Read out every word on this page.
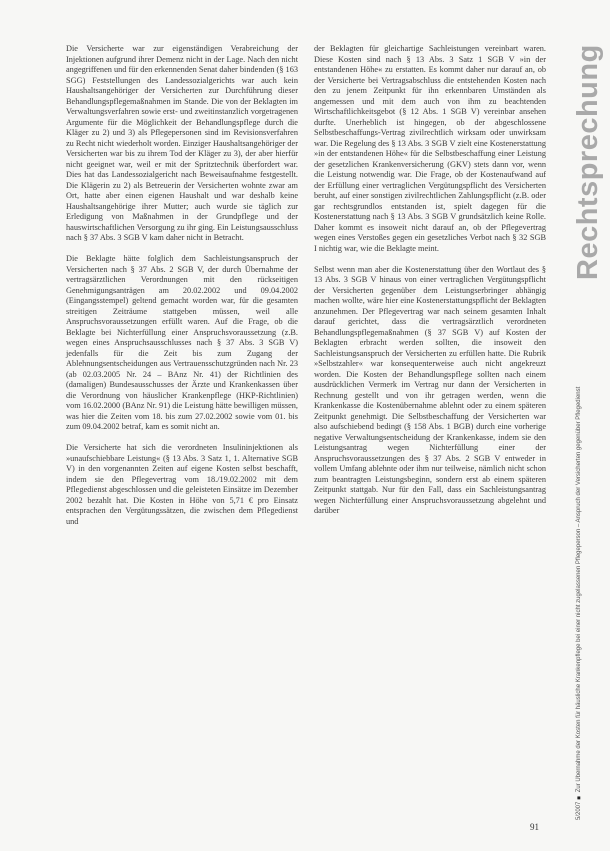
Die Versicherte war zur eigenständigen Verabreichung der Injektionen aufgrund ihrer Demenz nicht in der Lage. Nach den nicht angegriffenen und für den erkennenden Senat daher bindenden (§ 163 SGG) Feststellungen des Landessozialgerichts war auch kein Haushaltsangehöriger der Versicherten zur Durchführung dieser Behandlungspflegemaßnahmen im Stande. Die von der Beklagten im Verwaltungsverfahren sowie erst- und zweitinstanzlich vorgetragenen Argumente für die Möglichkeit der Behandlungspflege durch die Kläger zu 2) und 3) als Pflegepersonen sind im Revisionsverfahren zu Recht nicht wiederholt worden. Einziger Haushaltsangehöriger der Versicherten war bis zu ihrem Tod der Kläger zu 3), der aber hierfür nicht geeignet war, weil er mit der Spritztechnik überfordert war. Dies hat das Landessozialgericht nach Beweisaufnahme festgestellt. Die Klägerin zu 2) als Betreuerin der Versicherten wohnte zwar am Ort, hatte aber einen eigenen Haushalt und war deshalb keine Haushaltsangehörige ihrer Mutter; auch wurde sie täglich zur Erledigung von Maßnahmen in der Grundpflege und der hauswirtschaftlichen Versorgung zu ihr ging. Ein Leistungsausschluss nach § 37 Abs. 3 SGB V kam daher nicht in Betracht.

Die Beklagte hätte folglich dem Sachleistungsanspruch der Versicherten nach § 37 Abs. 2 SGB V, der durch Übernahme der vertragsärztlichen Verordnungen mit den rückseitigen Genehmigungsanträgen am 20.02.2002 und 09.04.2002 (Eingangsstempel) geltend gemacht worden war, für die gesamten streitigen Zeiträume stattgeben müssen, weil alle Anspruchsvoraussetzungen erfüllt waren. Auf die Frage, ob die Beklagte bei Nichterfüllung einer Anspruchsvoraussetzung (z.B. wegen eines Anspruchsausschlusses nach § 37 Abs. 3 SGB V) jedenfalls für die Zeit bis zum Zugang der Ablehnungsentscheidungen aus Vertrauensschutzgründen nach Nr. 23 (ab 02.03.2005 Nr. 24 – BAnz Nr. 41) der Richtlinien des (damaligen) Bundesausschusses der Ärzte und Krankenkassen über die Verordnung von häuslicher Krankenpflege (HKP-Richtlinien) vom 16.02.2000 (BAnz Nr. 91) die Leistung hätte bewilligen müssen, was hier die Zeiten vom 18. bis zum 27.02.2002 sowie vom 01. bis zum 09.04.2002 betraf, kam es somit nicht an.

Die Versicherte hat sich die verordneten Insulininjektionen als »unaufschiebbare Leistung« (§ 13 Abs. 3 Satz 1, 1. Alternative SGB V) in den vorgenannten Zeiten auf eigene Kosten selbst beschafft, indem sie den Pflegevertrag vom 18./19.02.2002 mit dem Pflegedienst abgeschlossen und die geleisteten Einsätze im Dezember 2002 bezahlt hat. Die Kosten in Höhe von 5,71 € pro Einsatz entsprachen den Vergütungssätzen, die zwischen dem Pflegedienst und

der Beklagten für gleichartige Sachleistungen vereinbart waren. Diese Kosten sind nach § 13 Abs. 3 Satz 1 SGB V »in der entstandenen Höhe« zu erstatten. Es kommt daher nur darauf an, ob der Versicherte bei Vertragsabschluss die entstehenden Kosten nach den zu jenem Zeitpunkt für ihn erkennbaren Umständen als angemessen und mit dem auch von ihm zu beachtenden Wirtschaftlichkeitsgebot (§ 12 Abs. 1 SGB V) vereinbar ansehen durfte. Unerheblich ist hingegen, ob der abgeschlossene Selbstbeschaffungs-Vertrag zivilrechtlich wirksam oder unwirksam war. Die Regelung des § 13 Abs. 3 SGB V zielt eine Kostenerstattung »in der entstandenen Höhe« für die Selbstbeschaffung einer Leistung der gesetzlichen Krankenversicherung (GKV) stets dann vor, wenn die Leistung notwendig war. Die Frage, ob der Kostenaufwand auf der Erfüllung einer vertraglichen Vergütungspflicht des Versicherten beruht, auf einer sonstigen zivilrechtlichen Zahlungspflicht (z.B. oder gar rechtsgrundlos entstanden ist, spielt dagegen für die Kostenerstattung nach § 13 Abs. 3 SGB V grundsätzlich keine Rolle. Daher kommt es insoweit nicht darauf an, ob der Pflegevertrag wegen eines Verstoßes gegen ein gesetzliches Verbot nach § 32 SGB I nichtig war, wie die Beklagte meint.

Selbst wenn man aber die Kostenerstattung über den Wortlaut des § 13 Abs. 3 SGB V hinaus von einer vertraglichen Vergütungspflicht der Versicherten gegenüber dem Leistungserbringer abhängig machen wollte, wäre hier eine Kostenerstattungspflicht der Beklagten anzunehmen. Der Pflegevertrag war nach seinem gesamten Inhalt darauf gerichtet, dass die vertragsärztlich verordneten Behandlungspflegemaßnahmen (§ 37 SGB V) auf Kosten der Beklagten erbracht werden sollten, die insoweit den Sachleistungsanspruch der Versicherten zu erfüllen hatte. Die Rubrik »Selbstzahler« war konsequenterweise auch nicht angekreuzt worden. Die Kosten der Behandlungspflege sollten nach einem ausdrücklichen Vermerk im Vertrag nur dann der Versicherten in Rechnung gestellt und von ihr getragen werden, wenn die Krankenkasse die Kostenübernahme ablehnt oder zu einem späteren Zeitpunkt genehmigt. Die Selbstbeschaffung der Versicherten war also aufschiebend bedingt (§ 158 Abs. 1 BGB) durch eine vorherige negative Verwaltungsentscheidung der Krankenkasse, indem sie den Leistungsantrag wegen Nichterfüllung einer der Anspruchsvoraussetzungen des § 37 Abs. 2 SGB V entweder in vollem Umfang ablehnte oder ihm nur teilweise, nämlich nicht schon zum beantragten Leistungsbeginn, sondern erst ab einem späteren Zeitpunkt stattgab. Nur für den Fall, dass ein Sachleistungsantrag wegen Nichterfüllung einer Anspruchsvoraussetzung abgelehnt und darüber

Rechtsprechung
5/2007 ■ Zur Übernahme der Kosten für häusliche Krankenpflege bei einer nicht zugelassenen Pflegeperson – Anspruch der Versicherten gegenüber Pflegedienst
91
